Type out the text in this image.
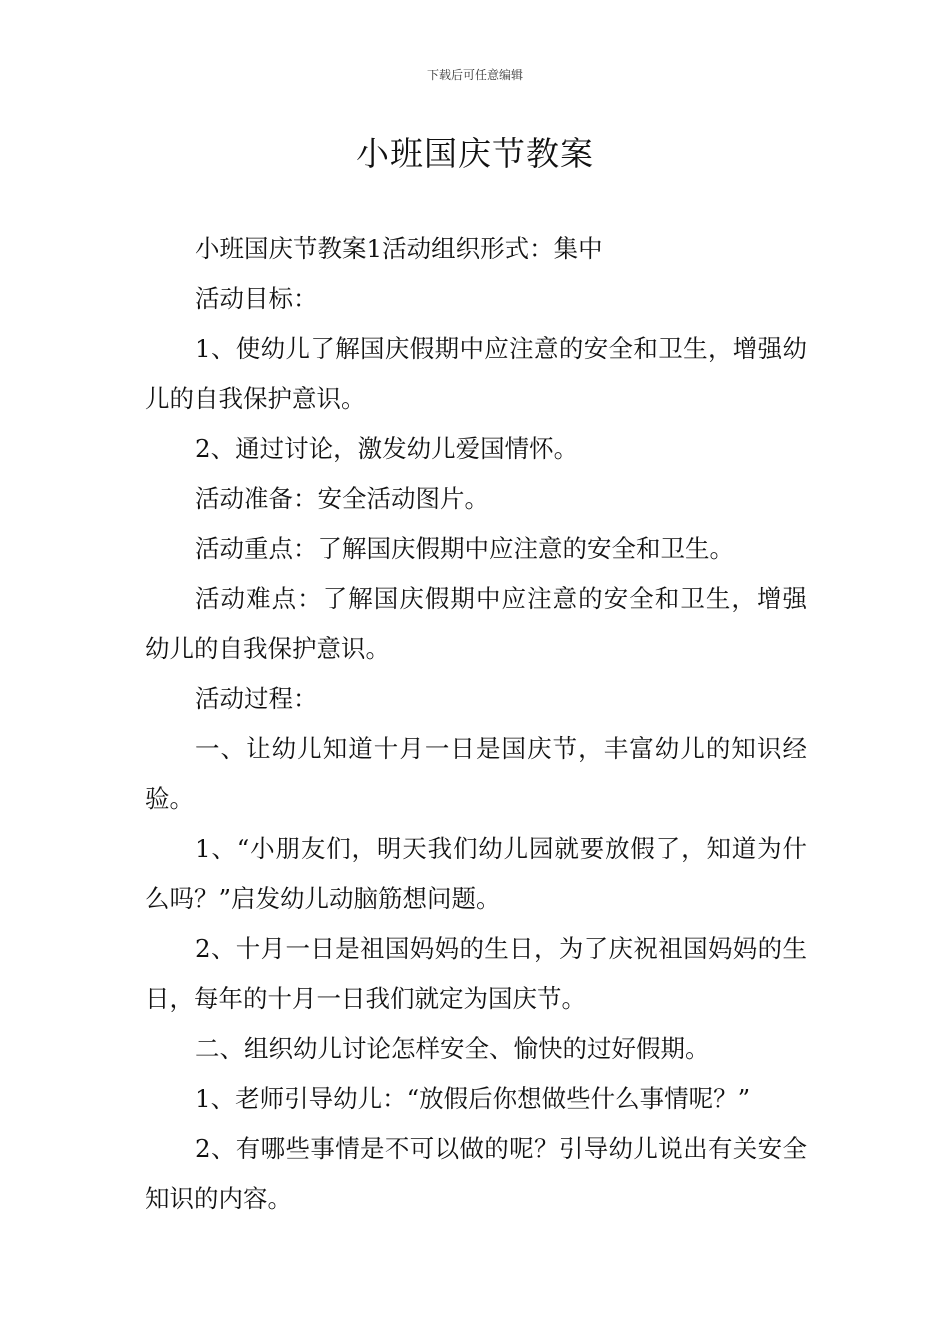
下载后可任意编辑
小班国庆节教案

小班国庆节教案1活动组织形式：集中

活动目标：

1、使幼儿了解国庆假期中应注意的安全和卫生，增强幼儿的自我保护意识。

2、通过讨论，激发幼儿爱国情怀。

活动准备：安全活动图片。

活动重点：了解国庆假期中应注意的安全和卫生。

活动难点：了解国庆假期中应注意的安全和卫生，增强幼儿的自我保护意识。

活动过程：

一、让幼儿知道十月一日是国庆节，丰富幼儿的知识经验。

1、“小朋友们，明天我们幼儿园就要放假了，知道为什么吗？”启发幼儿动脑筋想问题。

2、十月一日是祖国妈妈的生日，为了庆祝祖国妈妈的生日，每年的十月一日我们就定为国庆节。

二、组织幼儿讨论怎样安全、愉快的过好假期。

1、老师引导幼儿：“放假后你想做些什么事情呢？”

2、有哪些事情是不可以做的呢？引导幼儿说出有关安全知识的内容。
